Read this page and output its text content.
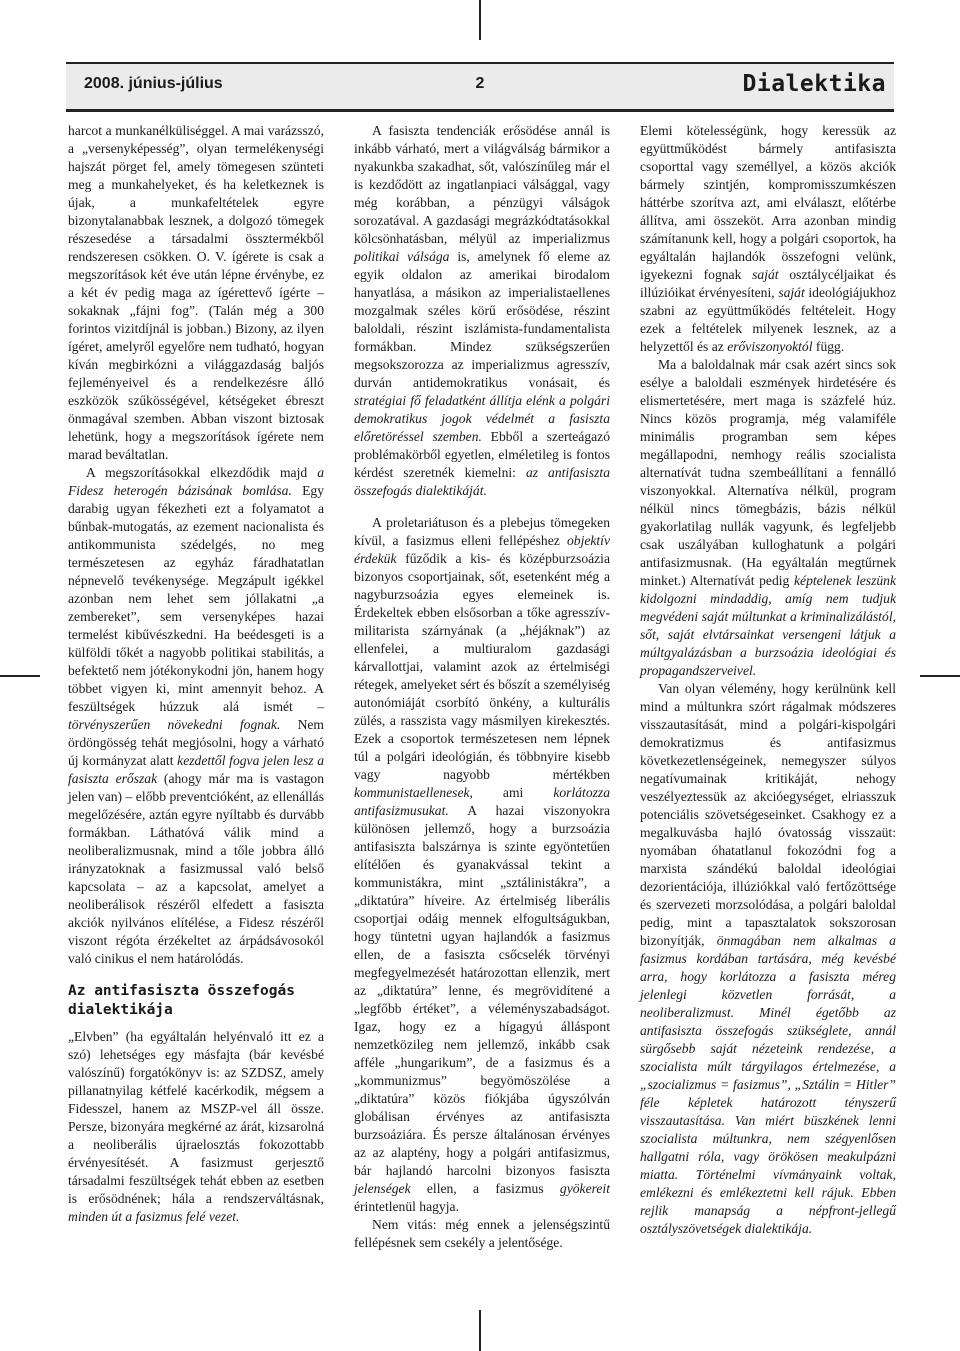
2008. június-július	2	Dialektika

harcot a munkanélküliséggel. A mai varázsszó, a „versenyképesség”, olyan termelékenységi hajszát pörget fel, amely tömegesen szünteti meg a munkahelyeket, és ha keletkeznek is újak, a munkafeltételek egyre bizonytalanabbak lesznek, a dolgozó tömegek részesedése a társadalmi össztermékből rendszeresen csökken. O. V. ígérete is csak a megszorítások két éve után lépne érvénybe, ez a két év pedig maga az ígérettevő ígérte – sokaknak „fájni fog”. (Talán még a 300 forintos vizitdíjnál is jobban.) Bizony, az ilyen ígéret, amelyről egyelőre nem tudható, hogyan kíván megbirkózni a világgazdaság baljós fejleményeivel és a rendelkezésre álló eszközök szűkösségével, kétségeket ébreszt önmagával szemben. Abban viszont biztosak lehetünk, hogy a megszorítások ígérete nem marad beváltatlan.

A megszorításokkal elkezdődik majd a Fidesz heterogén bázisának bomlása. Egy darabig ugyan fékezheti ezt a folyamatot a bűnbak-mutogatás, az ezement nacionalista és antikommunista szédelgés, no meg természetesen az egyház fáradhatatlan népnevelő tevékenysége. Megzápult igékkel azonban nem lehet sem jóllakatni „a zembereket”, sem versenyképes hazai termelést kibűvészkedni. Ha beédesgeti is a külföldi tőkét a nagyobb politikai stabilitás, a befektető nem jótékonykodni jön, hanem hogy többet vigyen ki, mint amennyit behoz. A feszültségek húzzuk alá ismét – törvényszerűen növekedni fognak. Nem ördöngösség tehát megjósolni, hogy a várható új kormányzat alatt kezdettől fogva jelen lesz a fasiszta erőszak (ahogy már ma is vastagon jelen van) – előbb preventcióként, az ellenállás megelőzésére, aztán egyre nyíltabb és durvább formákban. Láthatóvá válik mind a neoliberalizmusnak, mind a tőle jobbra álló irányzatoknak a fasizmussal való belső kapcsolata – az a kapcsolat, amelyet a neoliberálisok részéről elfedett a fasiszta akciók nyilvános elítélése, a Fidesz részéről viszont régóta érzékeltet az árpádsávosokól való cinikus el nem határolódás.

Az antifasiszta összefogás dialektikája

„Elvben” (ha egyáltalán helyénvaló itt ez a szó) lehetséges egy másfajta (bár kevésbé valószínű) forgatókönyv is: az SZDSZ, amely pillanatnyilag kétfelé kacérkodik, mégsem a Fidesszel, hanem az MSZP-vel áll össze. Persze, bizonyára megkérné az árát, kizsarolná a neoliberális újraelosztás fokozottabb érvényesítését. A fasizmust gerjesztő társadalmi feszültségek tehát ebben az esetben is erősödnének; hála a rendszerváltásnak, minden út a fasizmus felé vezet.

A fasiszta tendenciák erősödése annál is inkább várható, mert a világválság bármikor a nyakunkba szakadhat, sőt, valószínűleg már el is kezdődött az ingatlanpiaci válsággal, vagy még korábban, a pénzügyi válságok sorozatával. A gazdasági megrázkódtatásokkal kölcsönhatásban, mélyül az imperializmus politikai válsága is, amelynek fő eleme az egyik oldalon az amerikai birodalom hanyatlása, a másikon az imperialistaellenes mozgalmak széles körű erősödése, részint baloldali, részint iszlámista-fundamentalista formákban. Mindez szükségszerűen megsokszorozza az imperializmus agresszív, durván antidemokratikus vonásait, és stratégiai fő feladatként állítja elénk a polgári demokratikus jogok védelmét a fasiszta előretöréssel szemben. Ebből a szerteágazó problémakörből egyetlen, elméletileg is fontos kérdést szeretnék kiemelni: az antifasiszta összefogás dialektikáját.

A proletariátuson és a plebejus tömegeken kívül, a fasizmus elleni fellépéshez objektív érdekük fűződik a kis- és középburzsoázia bizonyos csoportjainak, sőt, esetenként még a nagyburzsoázia egyes elemeinek is. Érdekeltek ebben elsősorban a tőke agresszív-militarista szárnyának (a „héjáknak”) az ellenfelei, a multiuralom gazdasági kárvallottjai, valamint azok az értelmiségi rétegek, amelyeket sért és bőszít a személyiség autonómiáját csorbító önkény, a kulturális zülés, a rasszista vagy másmilyen kirekesztés. Ezek a csoportok természetesen nem lépnek túl a polgári ideológián, és többnyire kisebb vagy nagyobb mértékben kommunistaellenesek, ami korlátozza antifasizmusukat. A hazai viszonyokra különösen jellemző, hogy a burzsoázia antifasiszta balszárnya is szinte egyöntetűen elítélően és gyanakvással tekint a kommunistákra, mint „sztálinistákra”, a „diktatúra” híveire. Az értelmiség liberális csoportjai odáig mennek elfogultságukban, hogy tüntetni ugyan hajlandók a fasizmus ellen, de a fasiszta csőcselék törvényi megfegyelmezését határozottan ellenzik, mert az „diktatúra” lenne, és megrövidítené a „legfőbb értéket”, a véleményszabadságot. Igaz, hogy ez a hígagyú álláspont nemzetközileg nem jellemző, inkább csak afféle „hungarikum”, de a fasizmus és a „kommunizmus” begyömöszölése a „diktatúra” közös fiókjába úgyszólván globálisan érvényes az antifasiszta burzsoáziára. És persze általánosan érvényes az az alaptény, hogy a polgári antifasizmus, bár hajlandó harcolni bizonyos fasiszta jelenségek ellen, a fasizmus gyökereit érintetlenül hagyja.

Nem vitás: még ennek a jelenségszintű fellépésnek sem csekély a jelentősége.

Elemi kötelességünk, hogy keressük az együttműködést bármely antifasiszta csoporttal vagy személlyel, a közös akciók bármely szintjén, kompromisszumkészen háttérbe szorítva azt, ami elválaszt, előtérbe állítva, ami összeköt. Arra azonban mindig számítanunk kell, hogy a polgári csoportok, ha egyáltalán hajlandók összefogni velünk, igyekezni fognak saját osztálycéljaikat és illúzióikat érvényesíteni, saját ideológiájukhoz szabni az együttműködés feltételeit. Hogy ezek a feltételek milyenek lesznek, az a helyzettől és az erőviszonyoktól függ.

Ma a baloldalnak már csak azért sincs sok esélye a baloldali eszmények hirdetésére és elismertetésére, mert maga is százfelé húz. Nincs közös programja, még valamiféle minimális programban sem képes megállapodni, nemhogy reális szocialista alternatívát tudna szembeállítani a fennálló viszonyokkal. Alternatíva nélkül, program nélkül nincs tömegbázis, bázis nélkül gyakorlatilag nullák vagyunk, és legfeljebb csak uszályában kulloghatunk a polgári antifasizmusnak. (Ha egyáltalán megtűrnek minket.) Alternatívát pedig képtelenek leszünk kidolgozni mindaddig, amíg nem tudjuk megvédeni saját múltunkat a kriminalizálástól, sőt, saját elvtársainkat versengeni látjuk a múltgyalázásban a burzsoázia ideológiai és propagandszerveivel.

Van olyan vélemény, hogy kerülnünk kell mind a múltunkra szórt rágalmak módszeres visszautasítását, mind a polgári-kispolgári demokratizmus és antifasizmus következetlenségeinek, nemegyszer súlyos negatívumainak kritikáját, nehogy veszélyeztessük az akcióegységet, elriasszuk potenciális szövetségeseinket. Csakhogy ez a megalkuvásba hajló óvatosság visszaüt: nyomában óhatatlanul fokozódni fog a marxista szándékú baloldal ideológiai dezorientációja, illúziókkal való fertőzöttsége és szervezeti morzsolódása, a polgári baloldal pedig, mint a tapasztalatok sokszorosan bizonyítják, önmagában nem alkalmas a fasizmus kordában tartására, még kevésbé arra, hogy korlátozza a fasiszta méreg jelenlegi közvetlen forrását, a neoliberalizmust. Minél égetőbb az antifasiszta összefogás szükséglete, annál sürgősebb saját nézeteink rendezése, a szocialista múlt tárgyilagos értelmezése, a „szocializmus = fasizmus”, „Sztálin = Hitler” féle képletek határozott tényszerű visszautasítása. Van miért büszkének lenni szocialista múltunkra, nem szégyenlősen hallgatni róla, vagy örökösen meakulpázni miatta. Történelmi vívmányaink voltak, emlékezni és emlékeztetni kell rájuk. Ebben rejlik manapság a népfront-jellegű osztályszövetségek dialektikája.
